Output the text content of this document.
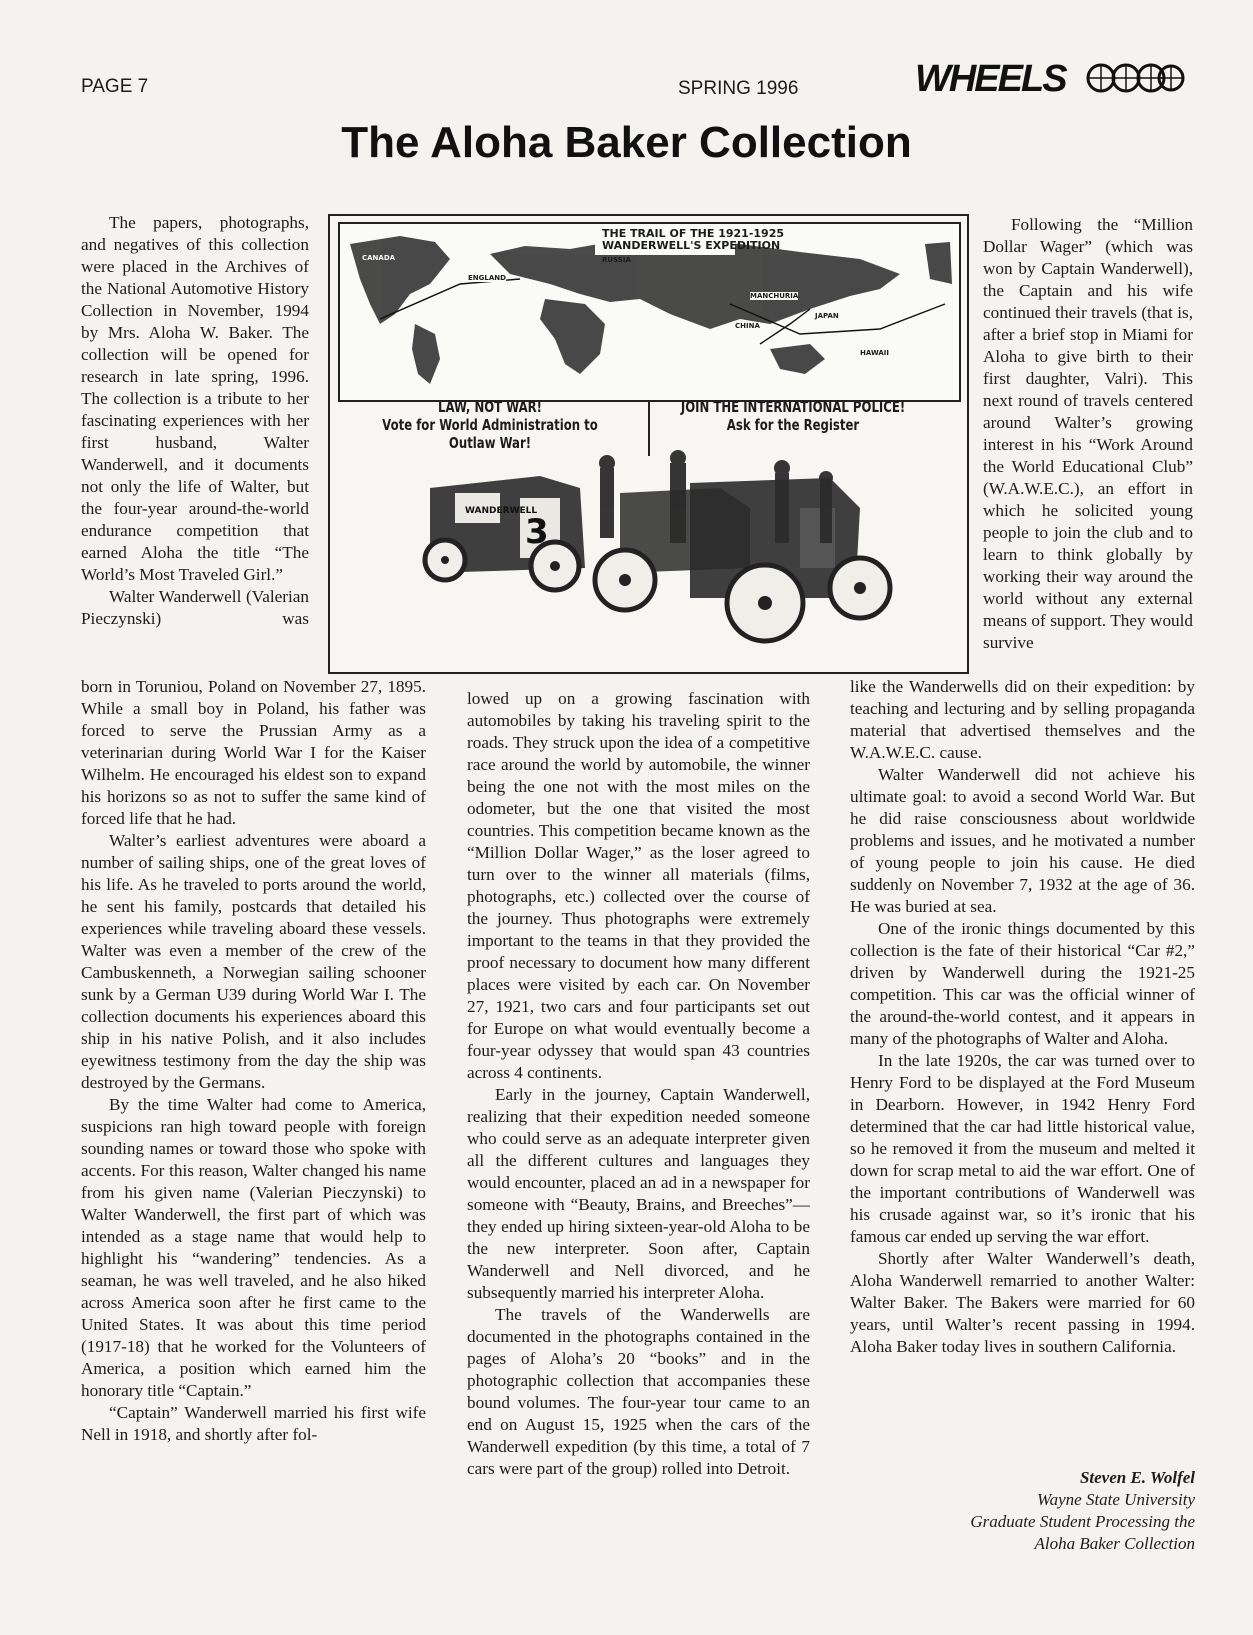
PAGE 7	SPRING 1996	WHEELS
The Aloha Baker Collection

The papers, photographs, and negatives of this collection were placed in the Archives of the National Automotive History Collection in November, 1994 by Mrs. Aloha W. Baker. The collection will be opened for research in late spring, 1996. The collection is a tribute to her fascinating experiences with her first husband, Walter Wanderwell, and it documents not only the life of Walter, but the four-year around-the-world endurance competition that earned Aloha the title “The World’s Most Traveled Girl.”

Walter Wanderwell (Valerian Pieczynski) was

THE TRAIL OF THE 1921-1925
WANDERWELL'S EXPEDITION
RUSSIA
ENGLAND
MANCHURIA
CHINA
JAPAN
HAWAII
CANADA
LAW, NOT WAR!
Vote for World Administration to Outlaw War!
JOIN THE INTERNATIONAL POLICE!
Ask for the Register
WANDERWELL
3

born in Toruniou, Poland on November 27, 1895. While a small boy in Poland, his father was forced to serve the Prussian Army as a veterinarian during World War I for the Kaiser Wilhelm. He encouraged his eldest son to expand his horizons so as not to suffer the same kind of forced life that he had.

Walter’s earliest adventures were aboard a number of sailing ships, one of the great loves of his life. As he traveled to ports around the world, he sent his family, postcards that detailed his experiences while traveling aboard these vessels. Walter was even a member of the crew of the Cambuskenneth, a Norwegian sailing schooner sunk by a German U39 during World War I. The collection documents his experiences aboard this ship in his native Polish, and it also includes eyewitness testimony from the day the ship was destroyed by the Germans.

By the time Walter had come to America, suspicions ran high toward people with foreign sounding names or toward those who spoke with accents. For this reason, Walter changed his name from his given name (Valerian Pieczynski) to Walter Wanderwell, the first part of which was intended as a stage name that would help to highlight his “wandering” tendencies. As a seaman, he was well traveled, and he also hiked across America soon after he first came to the United States. It was about this time period (1917-18) that he worked for the Volunteers of America, a position which earned him the honorary title “Captain.”

“Captain” Wanderwell married his first wife Nell in 1918, and shortly after fol-

lowed up on a growing fascination with automobiles by taking his traveling spirit to the roads. They struck upon the idea of a competitive race around the world by automobile, the winner being the one not with the most miles on the odometer, but the one that visited the most countries. This competition became known as the “Million Dollar Wager,” as the loser agreed to turn over to the winner all materials (films, photographs, etc.) collected over the course of the journey. Thus photographs were extremely important to the teams in that they provided the proof necessary to document how many different places were visited by each car. On November 27, 1921, two cars and four participants set out for Europe on what would eventually become a four-year odyssey that would span 43 countries across 4 continents.

Early in the journey, Captain Wanderwell, realizing that their expedition needed someone who could serve as an adequate interpreter given all the different cultures and languages they would encounter, placed an ad in a newspaper for someone with “Beauty, Brains, and Breeches”—they ended up hiring sixteen-year-old Aloha to be the new interpreter. Soon after, Captain Wanderwell and Nell divorced, and he subsequently married his interpreter Aloha.

The travels of the Wanderwells are documented in the photographs contained in the pages of Aloha’s 20 “books” and in the photographic collection that accompanies these bound volumes. The four-year tour came to an end on August 15, 1925 when the cars of the Wanderwell expedition (by this time, a total of 7 cars were part of the group) rolled into Detroit.

Following the “Million Dollar Wager” (which was won by Captain Wanderwell), the Captain and his wife continued their travels (that is, after a brief stop in Miami for Aloha to give birth to their first daughter, Valri). This next round of travels centered around Walter’s growing interest in his “Work Around the World Educational Club” (W.A.W.E.C.), an effort in which he solicited young people to join the club and to learn to think globally by working their way around the world without any external means of support. They would survive

like the Wanderwells did on their expedition: by teaching and lecturing and by selling propaganda material that advertised themselves and the W.A.W.E.C. cause.

Walter Wanderwell did not achieve his ultimate goal: to avoid a second World War. But he did raise consciousness about worldwide problems and issues, and he motivated a number of young people to join his cause. He died suddenly on November 7, 1932 at the age of 36. He was buried at sea.

One of the ironic things documented by this collection is the fate of their historical “Car #2,” driven by Wanderwell during the 1921-25 competition. This car was the official winner of the around-the-world contest, and it appears in many of the photographs of Walter and Aloha.

In the late 1920s, the car was turned over to Henry Ford to be displayed at the Ford Museum in Dearborn. However, in 1942 Henry Ford determined that the car had little historical value, so he removed it from the museum and melted it down for scrap metal to aid the war effort. One of the important contributions of Wanderwell was his crusade against war, so it’s ironic that his famous car ended up serving the war effort.

Shortly after Walter Wanderwell’s death, Aloha Wanderwell remarried to another Walter: Walter Baker. The Bakers were married for 60 years, until Walter’s recent passing in 1994. Aloha Baker today lives in southern California.

Steven E. Wolfel
Wayne State University
Graduate Student Processing the
Aloha Baker Collection
